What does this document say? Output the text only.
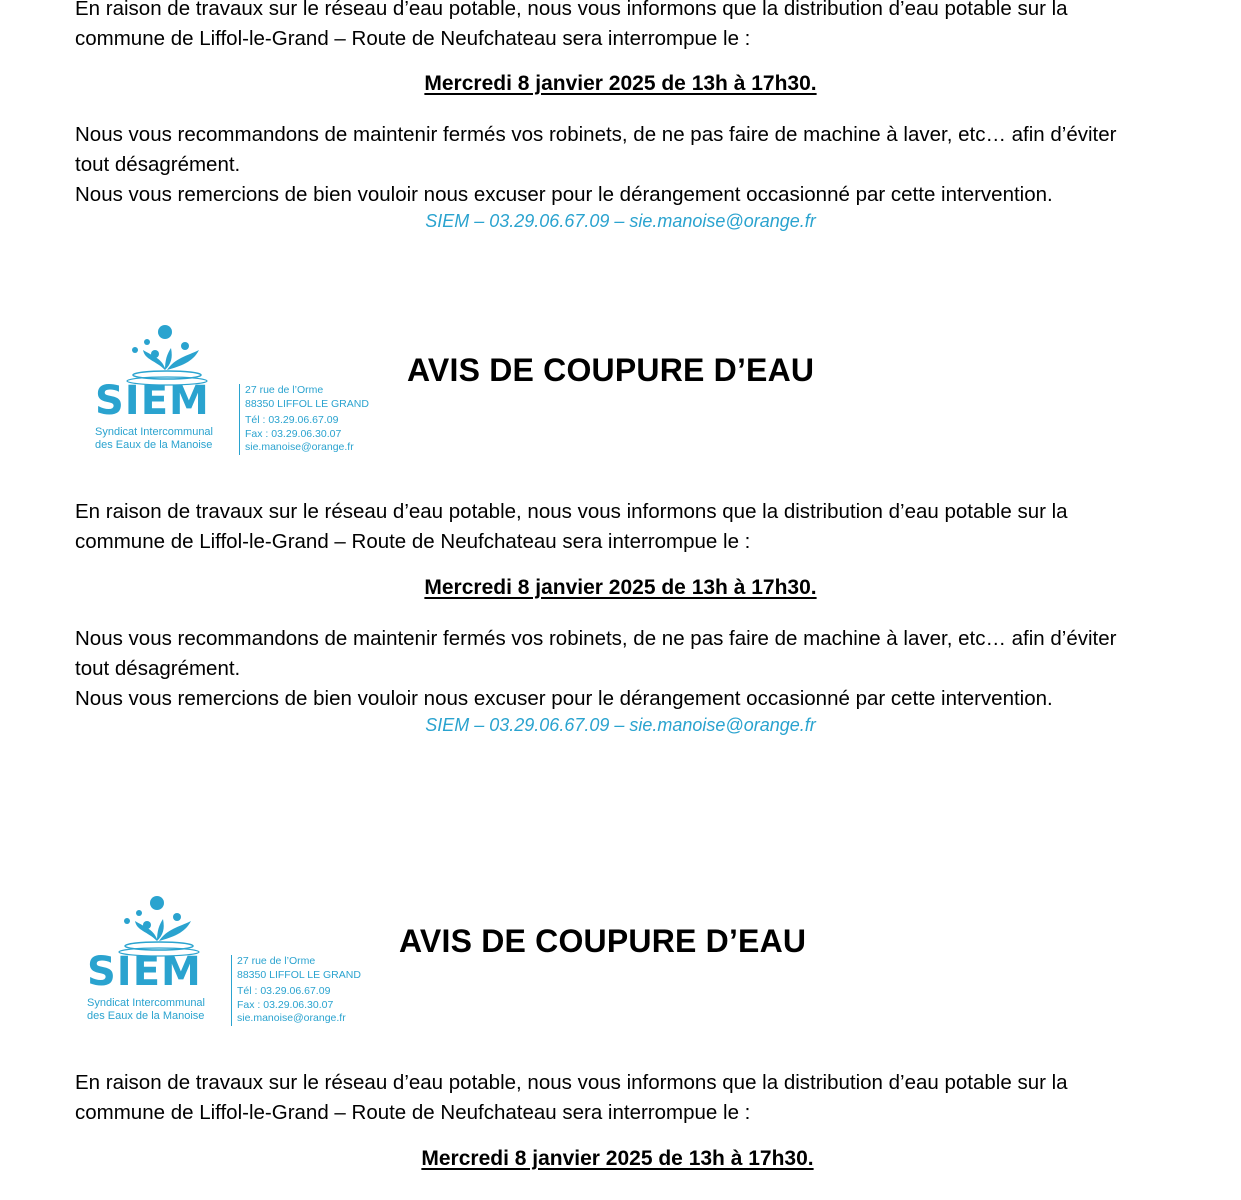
En raison de travaux sur le réseau d’eau potable, nous vous informons que la distribution d’eau potable sur la
commune de Liffol-le-Grand – Route de Neufchateau sera interrompue le :
Mercredi 8 janvier 2025 de 13h à 17h30.
Nous vous recommandons de maintenir fermés vos robinets, de ne pas faire de machine à laver, etc… afin d’éviter
tout désagrément.
Nous vous remercions de bien vouloir nous excuser pour le dérangement occasionné par cette intervention.
SIEM – 03.29.06.67.09 – sie.manoise@orange.fr
SIEM
Syndicat Intercommunal
des Eaux de la Manoise
27 rue de l’Orme
88350 LIFFOL LE GRAND
Tél : 03.29.06.67.09
Fax : 03.29.06.30.07
sie.manoise@orange.fr
AVIS DE COUPURE D’EAU
En raison de travaux sur le réseau d’eau potable, nous vous informons que la distribution d’eau potable sur la
commune de Liffol-le-Grand – Route de Neufchateau sera interrompue le :
Mercredi 8 janvier 2025 de 13h à 17h30.
Nous vous recommandons de maintenir fermés vos robinets, de ne pas faire de machine à laver, etc… afin d’éviter
tout désagrément.
Nous vous remercions de bien vouloir nous excuser pour le dérangement occasionné par cette intervention.
SIEM – 03.29.06.67.09 – sie.manoise@orange.fr
SIEM
Syndicat Intercommunal
des Eaux de la Manoise
27 rue de l’Orme
88350 LIFFOL LE GRAND
Tél : 03.29.06.67.09
Fax : 03.29.06.30.07
sie.manoise@orange.fr
AVIS DE COUPURE D’EAU
En raison de travaux sur le réseau d’eau potable, nous vous informons que la distribution d’eau potable sur la
commune de Liffol-le-Grand – Route de Neufchateau sera interrompue le :
Mercredi 8 janvier 2025 de 13h à 17h30.
